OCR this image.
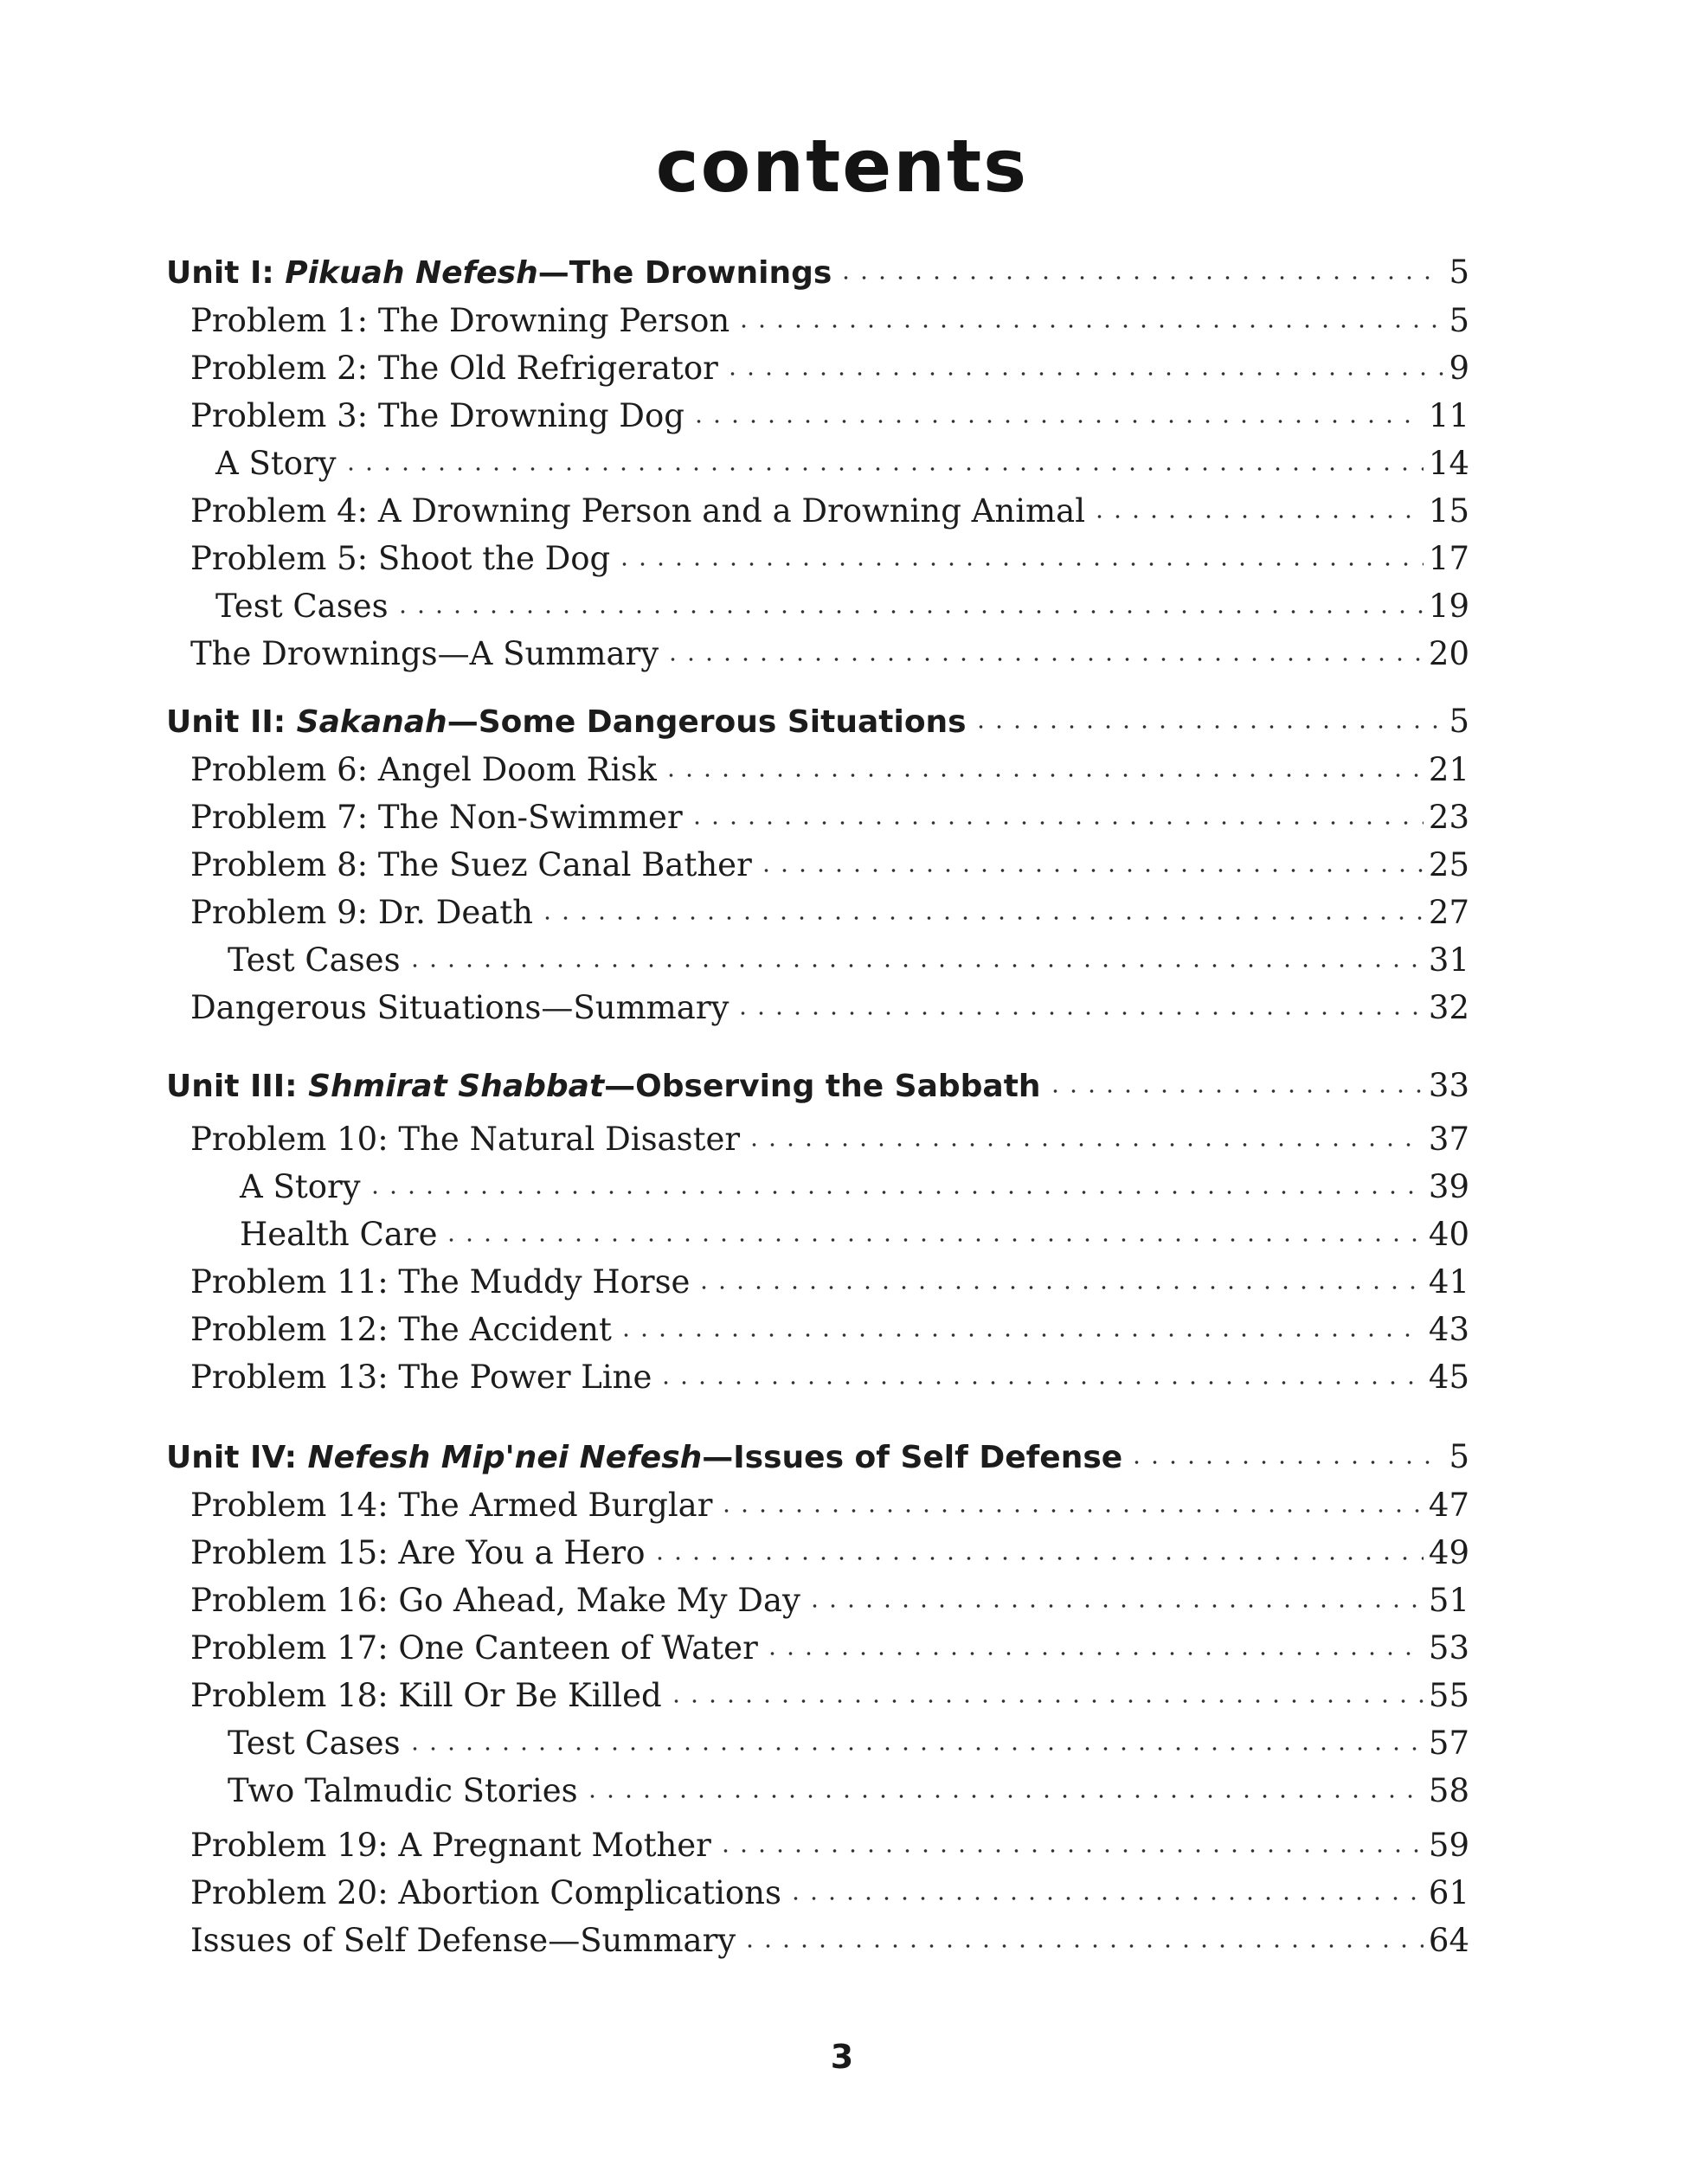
contents
Unit I: Pikuah Nefesh—The Drownings	5
Problem 1: The Drowning Person	5
Problem 2: The Old Refrigerator	9
Problem 3: The Drowning Dog	11
A Story	14
Problem 4: A Drowning Person and a Drowning Animal	15
Problem 5: Shoot the Dog	17
Test Cases	19
The Drownings—A Summary	20
Unit II: Sakanah—Some Dangerous Situations	5
Problem 6: Angel Doom Risk	21
Problem 7: The Non-Swimmer	23
Problem 8: The Suez Canal Bather	25
Problem 9: Dr. Death	27
Test Cases	31
Dangerous Situations—Summary	32
Unit III: Shmirat Shabbat—Observing the Sabbath	33
Problem 10: The Natural Disaster	37
A Story	39
Health Care	40
Problem 11: The Muddy Horse	41
Problem 12: The Accident	43
Problem 13: The Power Line	45
Unit IV: Nefesh Mip'nei Nefesh—Issues of Self Defense	5
Problem 14: The Armed Burglar	47
Problem 15: Are You a Hero	49
Problem 16: Go Ahead, Make My Day	51
Problem 17: One Canteen of Water	53
Problem 18: Kill Or Be Killed	55
Test Cases	57
Two Talmudic Stories	58
Problem 19: A Pregnant Mother	59
Problem 20: Abortion Complications	61
Issues of Self Defense—Summary	64
3
